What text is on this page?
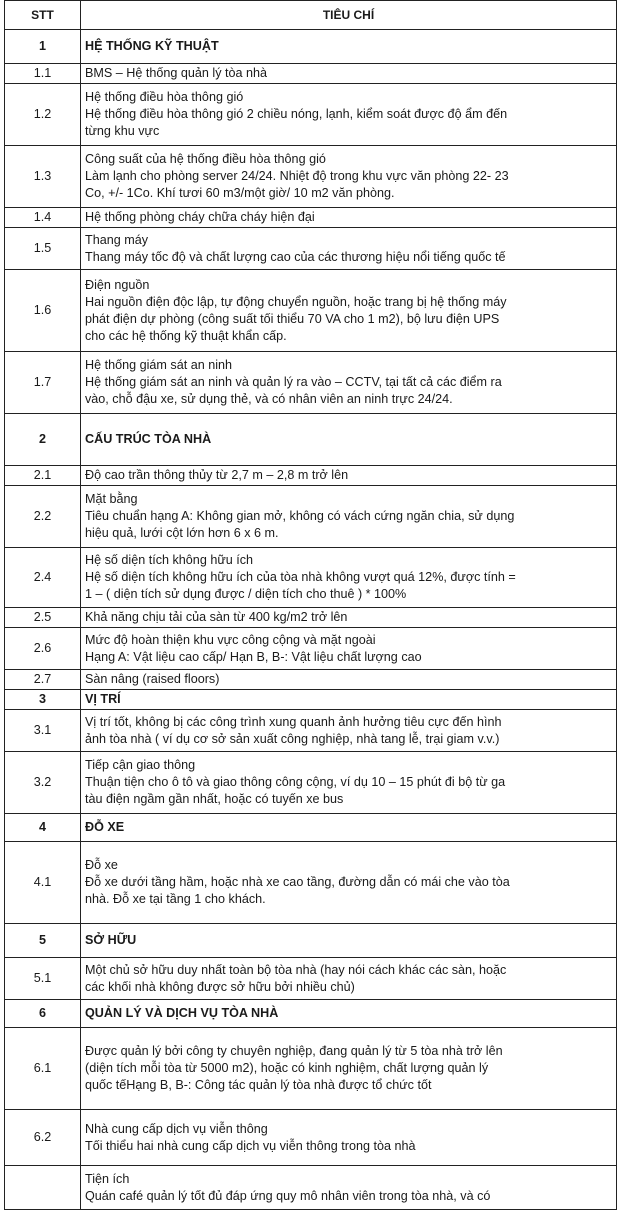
STT	TIÊU CHÍ
1	HỆ THỐNG KỸ THUẬT

1.1	BMS – Hệ thống quản lý tòa nhà

1.2	Hệ thống điều hòa thông gió
Hệ thống điều hòa thông gió 2 chiều nóng, lạnh, kiểm soát được độ ẩm đến
từng khu vực

1.3	Công suất của hệ thống điều hòa thông gió
Làm lạnh cho phòng server 24/24. Nhiệt độ trong khu vực văn phòng 22- 23
Co, +/- 1Co. Khí tươi 60 m3/một giờ/ 10 m2 văn phòng.

1.4	Hệ thống phòng cháy chữa cháy hiện đại

1.5	Thang máy
Thang máy tốc độ và chất lượng cao của các thương hiệu nổi tiếng quốc tế

1.6	Điện nguồn
Hai nguồn điện độc lập, tự động chuyển nguồn, hoặc trang bị hệ thống máy
phát điện dự phòng (công suất tối thiểu 70 VA cho 1 m2), bộ lưu điện UPS
cho các hệ thống kỹ thuật khẩn cấp.

1.7	Hệ thống giám sát an ninh
Hệ thống giám sát an ninh và quản lý ra vào – CCTV, tại tất cả các điểm ra
vào, chỗ đậu xe, sử dụng thẻ, và có nhân viên an ninh trực 24/24.

2	CẤU TRÚC TÒA NHÀ

2.1	Độ cao trần thông thủy từ 2,7 m – 2,8 m trở lên

2.2	Mặt bằng
Tiêu chuẩn hạng A: Không gian mở, không có vách cứng ngăn chia, sử dụng
hiệu quả, lưới cột lớn hơn 6 x 6 m.

2.4	Hệ số diện tích không hữu ích
Hệ số diện tích không hữu ích của tòa nhà không vượt quá 12%, được tính =
1 – ( diện tích sử dụng được / diện tích cho thuê ) * 100%

2.5	Khả năng chịu tải của sàn từ 400 kg/m2 trở lên

2.6	Mức độ hoàn thiện khu vực công cộng và mặt ngoài
Hạng A: Vật liệu cao cấp/ Hạn B, B-: Vật liệu chất lượng cao

2.7	Sàn nâng (raised floors)

3	VỊ TRÍ

3.1	Vị trí tốt, không bị các công trình xung quanh ảnh hưởng tiêu cực đến hình
ảnh tòa nhà ( ví dụ cơ sở sản xuất công nghiệp, nhà tang lễ, trại giam v.v.)

3.2	Tiếp cận giao thông
Thuận tiện cho ô tô và giao thông công cộng, ví dụ 10 – 15 phút đi bộ từ ga
tàu điện ngầm gần nhất, hoặc có tuyến xe bus

4	ĐỖ XE

4.1	Đỗ xe
Đỗ xe dưới tầng hầm, hoặc nhà xe cao tầng, đường dẫn có mái che vào tòa
nhà. Đỗ xe tại tầng 1 cho khách.

5	SỞ HỮU

5.1	Một chủ sở hữu duy nhất toàn bộ tòa nhà (hay nói cách khác các sàn, hoặc
các khối nhà không được sở hữu bởi nhiều chủ)

6	QUẢN LÝ VÀ DỊCH VỤ TÒA NHÀ

6.1	Được quản lý bởi công ty chuyên nghiệp, đang quản lý từ 5 tòa nhà trở lên
(diện tích mỗi tòa từ 5000 m2), hoặc có kinh nghiệm, chất lượng quản lý
quốc tếHạng B, B-: Công tác quản lý tòa nhà được tổ chức tốt

6.2	Nhà cung cấp dịch vụ viễn thông
Tối thiểu hai nhà cung cấp dịch vụ viễn thông trong tòa nhà

	Tiện ích
Quán café quản lý tốt đủ đáp ứng quy mô nhân viên trong tòa nhà, và có
